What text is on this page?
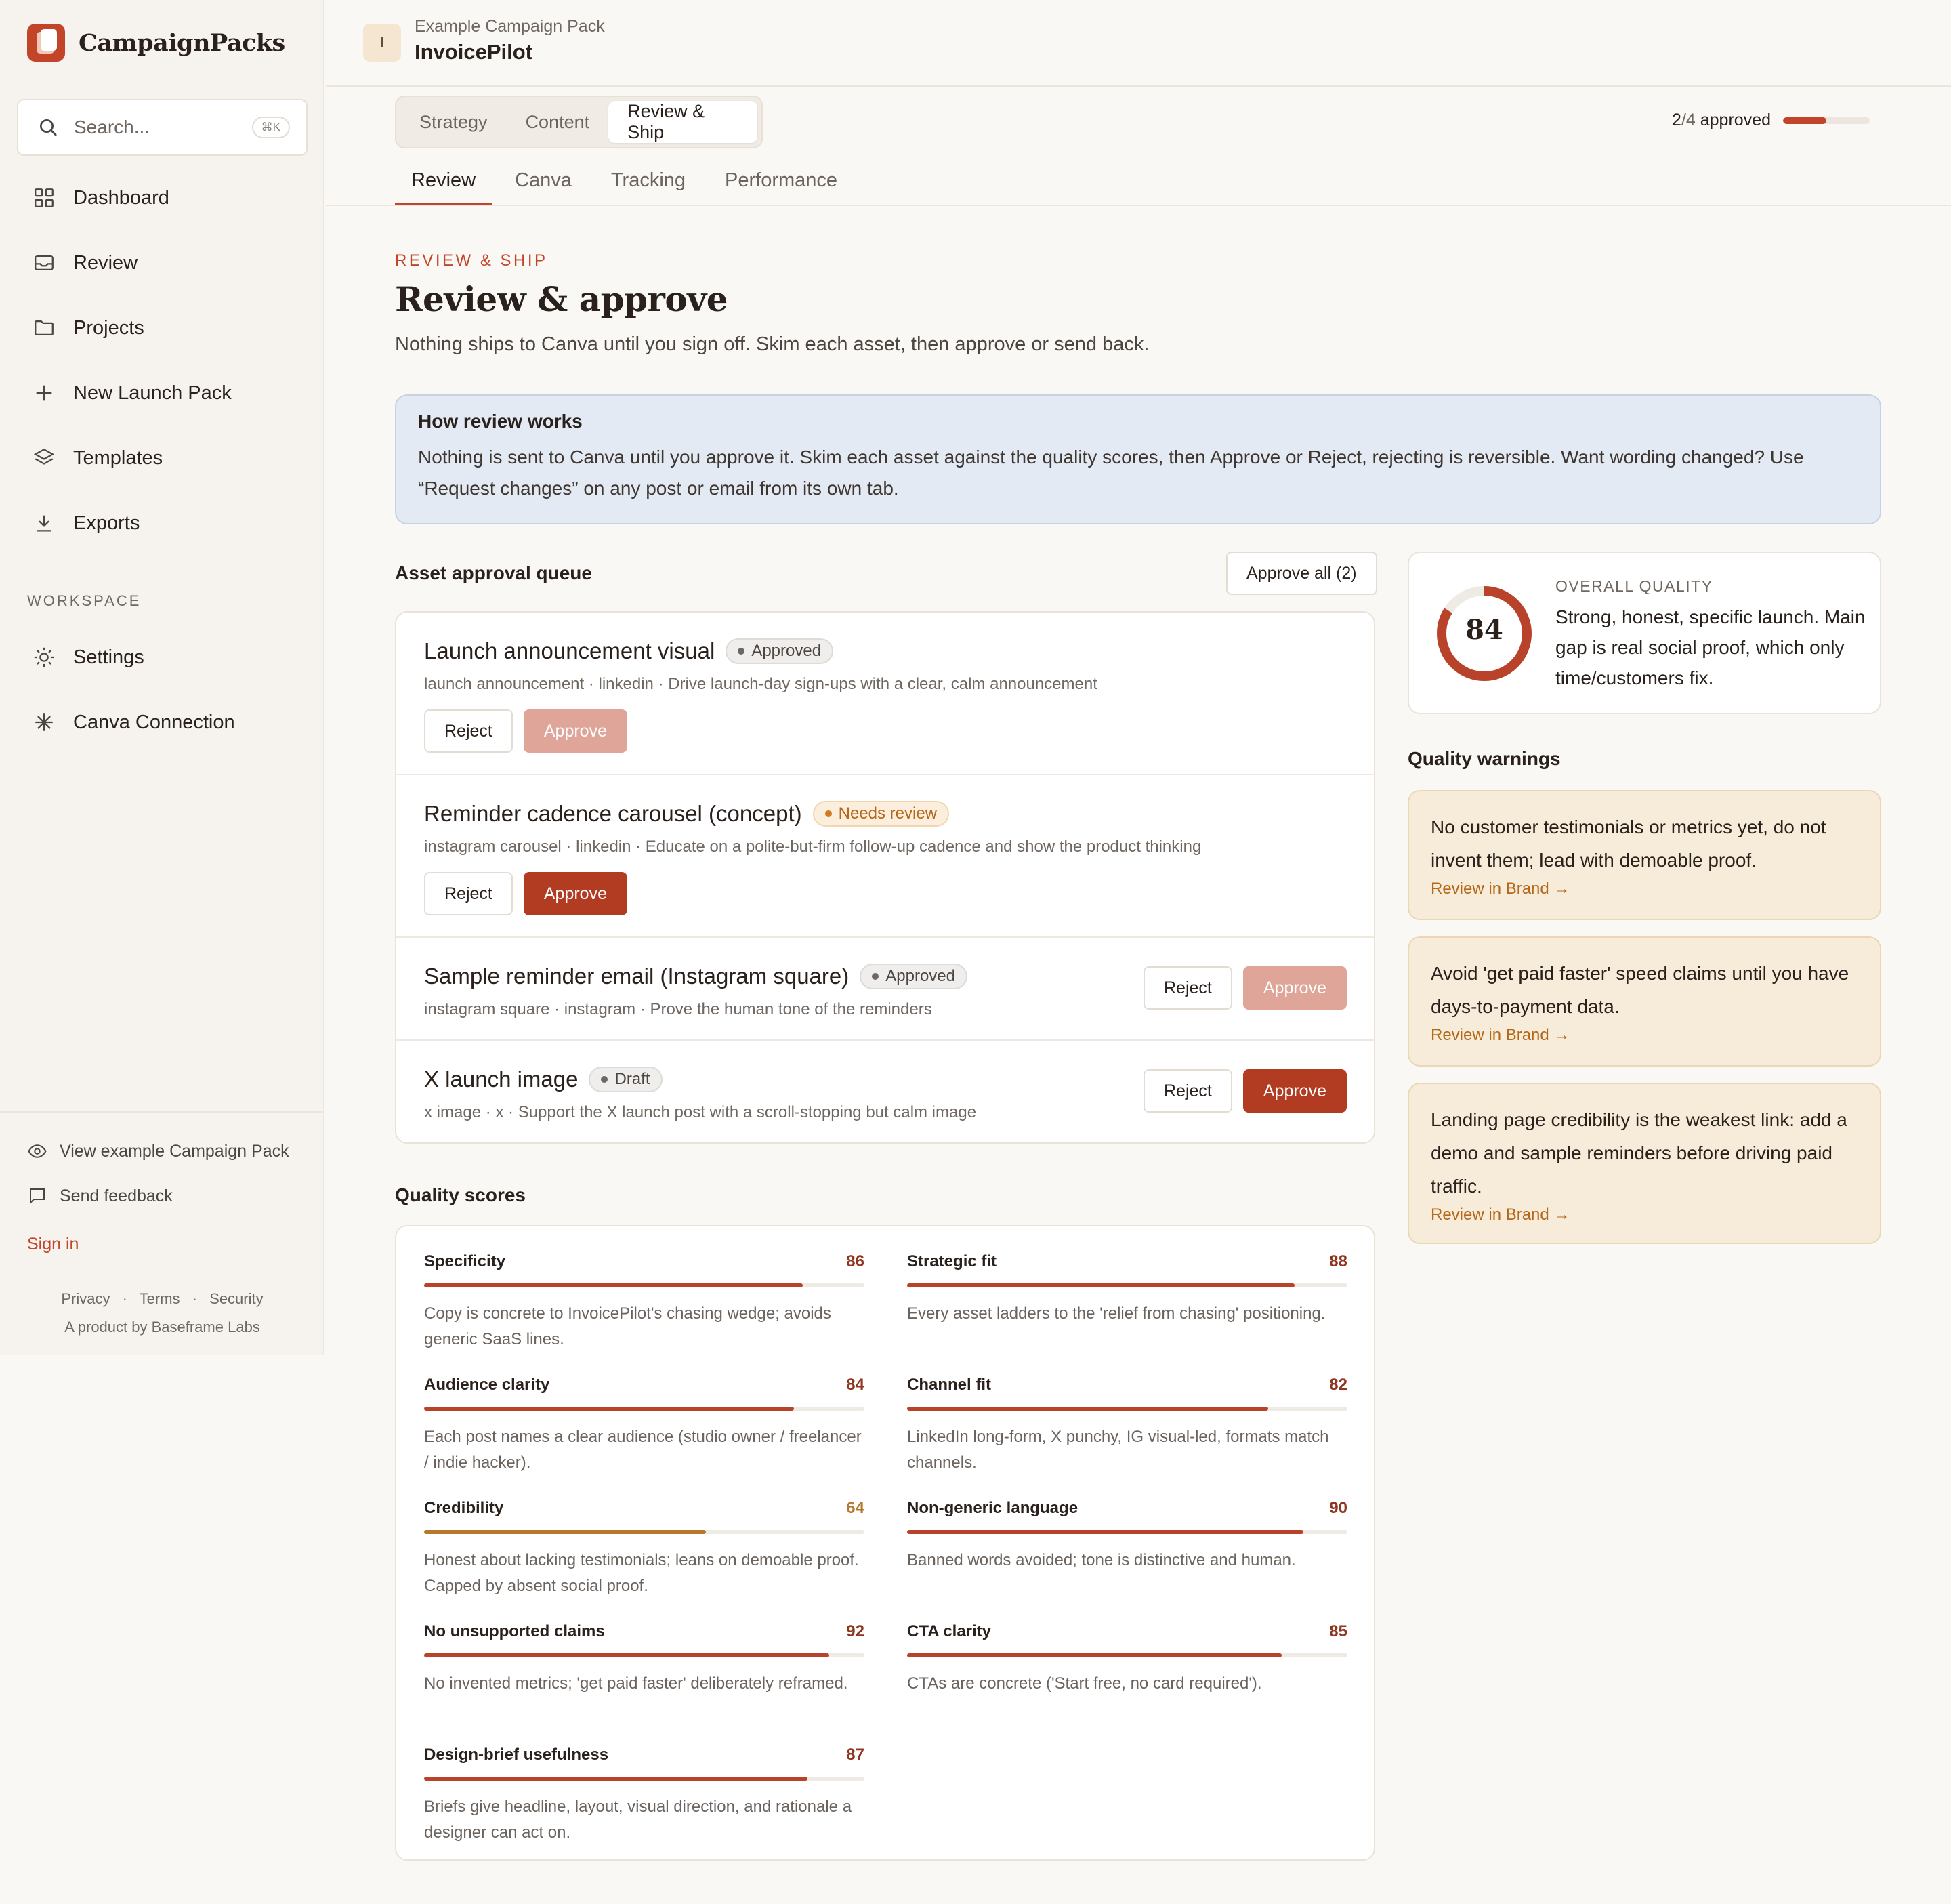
CampaignPacks
Search...	⌘K
Dashboard
Review
Projects
New Launch Pack
Templates
Exports
WORKSPACE
Settings
Canva Connection
View example Campaign Pack
Send feedback
Sign in
Privacy · Terms · Security
A product by Baseframe Labs
I
Example Campaign Pack
InvoicePilot
Strategy	Content
Review & Ship
2/4 approved
Review	Canva	Tracking	Performance
REVIEW & SHIP
Review & approve

Nothing ships to Canva until you sign off. Skim each asset, then approve or send back.

How review works
Nothing is sent to Canva until you approve it. Skim each asset against the quality scores, then Approve or Reject, rejecting is reversible. Want wording changed? Use “Request changes” on any post or email from its own tab.
Asset approval queue	Approve all (2)
Launch announcement visual	Approved
launch announcement · linkedin · Drive launch-day sign-ups with a clear, calm announcement
Reject	Approve
Reminder cadence carousel (concept)	Needs review
instagram carousel · linkedin · Educate on a polite-but-firm follow-up cadence and show the product thinking
Reject	Approve
Sample reminder email (Instagram square)	Approved
instagram square · instagram · Prove the human tone of the reminders
Reject	Approve
X launch image	Draft
x image · x · Support the X launch post with a scroll-stopping but calm image
Reject	Approve
Quality scores
Specificity	86
Copy is concrete to InvoicePilot's chasing wedge; avoids generic SaaS lines.
Strategic fit	88
Every asset ladders to the 'relief from chasing' positioning.
Audience clarity	84
Each post names a clear audience (studio owner / freelancer / indie hacker).
Channel fit	82
LinkedIn long-form, X punchy, IG visual-led, formats match channels.
Credibility	64
Honest about lacking testimonials; leans on demoable proof. Capped by absent social proof.
Non-generic language	90
Banned words avoided; tone is distinctive and human.
No unsupported claims	92
No invented metrics; 'get paid faster' deliberately reframed.
CTA clarity	85
CTAs are concrete ('Start free, no card required').
Design-brief usefulness	87
Briefs give headline, layout, visual direction, and rationale a designer can act on.
84
OVERALL QUALITY
Strong, honest, specific launch. Main gap is real social proof, which only time/customers fix.
Quality warnings
No customer testimonials or metrics yet, do not invent them; lead with demoable proof.
Review in Brand →
Avoid 'get paid faster' speed claims until you have days-to-payment data.
Review in Brand →
Landing page credibility is the weakest link: add a demo and sample reminders before driving paid traffic.
Review in Brand →
